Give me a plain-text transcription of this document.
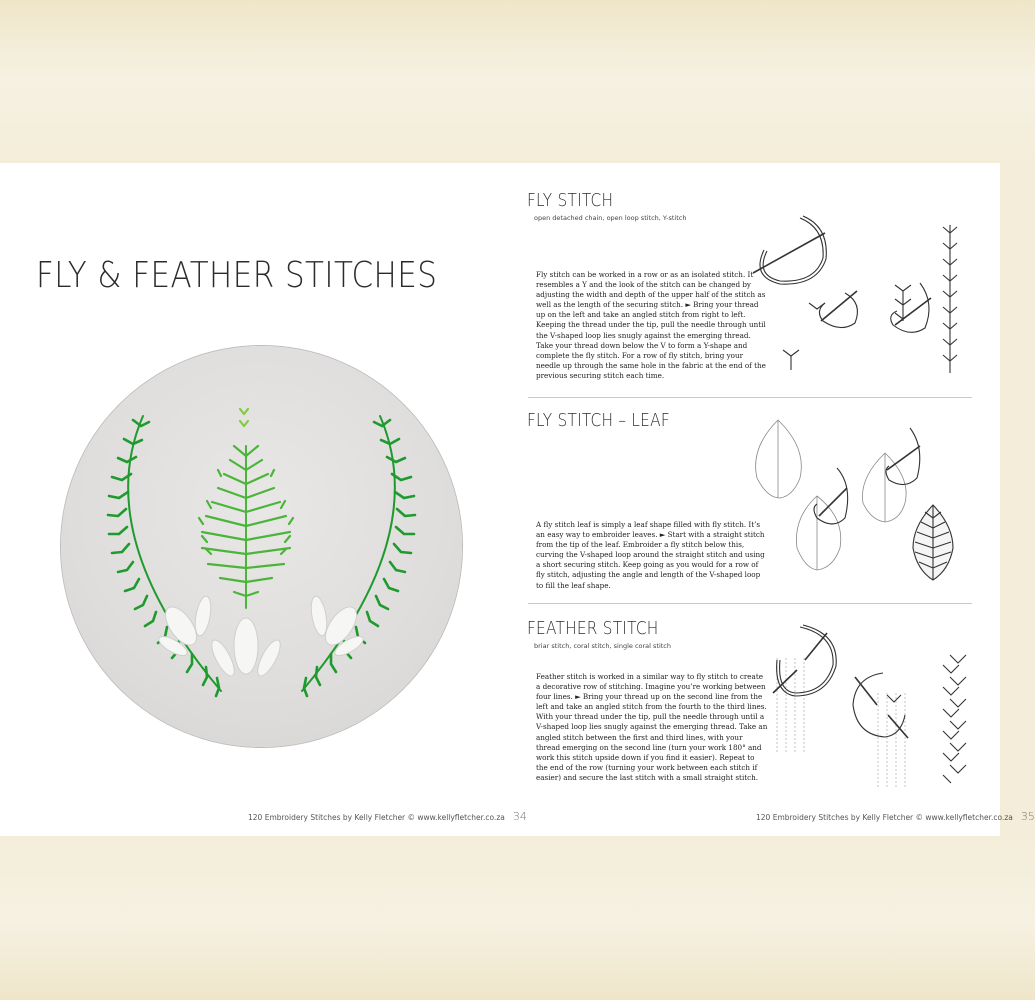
FLY & FEATHER STITCHES
120 Embroidery Stitches by Kelly Fletcher © www.kellyfletcher.co.za 34
FLY STITCH
open detached chain, open loop stitch, Y-stitch
Fly stitch can be worked in a row or as an isolated stitch. It resembles a Y and the look of the stitch can be changed by adjusting the width and depth of the upper half of the stitch as well as the length of the securing stitch. ► Bring your thread up on the left and take an angled stitch from right to left. Keeping the thread under the tip, pull the needle through until the V-shaped loop lies snugly against the emerging thread. Take your thread down below the V to form a Y-shape and complete the fly stitch. For a row of fly stitch, bring your needle up through the same hole in the fabric at the end of the previous securing stitch each time.
FLY STITCH – LEAF
A fly stitch leaf is simply a leaf shape filled with fly stitch. It’s an easy way to embroider leaves. ► Start with a straight stitch from the tip of the leaf. Embroider a fly stitch below this, curving the V-shaped loop around the straight stitch and using a short securing stitch. Keep going as you would for a row of fly stitch, adjusting the angle and length of the V-shaped loop to fill the leaf shape.
FEATHER STITCH
briar stitch, coral stitch, single coral stitch
Feather stitch is worked in a similar way to fly stitch to create a decorative row of stitching. Imagine you’re working between four lines. ► Bring your thread up on the second line from the left and take an angled stitch from the fourth to the third lines. With your thread under the tip, pull the needle through until a V-shaped loop lies snugly against the emerging thread. Take an angled stitch between the first and third lines, with your thread emerging on the second line (turn your work 180° and work this stitch upside down if you find it easier). Repeat to the end of the row (turning your work between each stitch if easier) and secure the last stitch with a small straight stitch.
120 Embroidery Stitches by Kelly Fletcher © www.kellyfletcher.co.za 35
